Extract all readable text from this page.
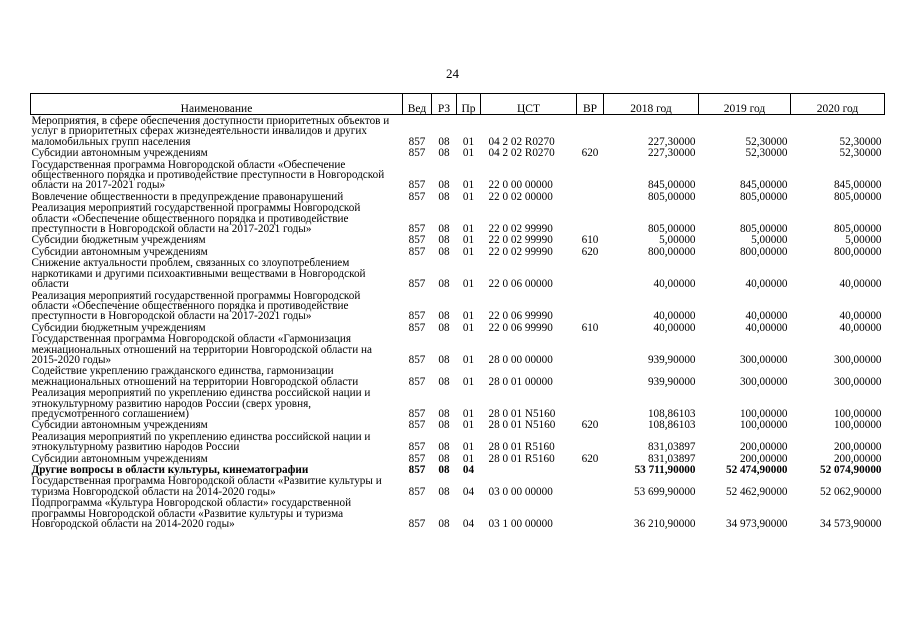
24
Наименование	Вед	РЗ	Пр	ЦСТ	ВР	2018 год	2019 год	2020 год
Мероприятия, в сфере обеспечения доступности приоритетных объектов и услуг в приоритетных сферах жизнедеятельности инвалидов и других маломобильных групп населения	857	08	01	04 2 02 R0270		227,30000	52,30000	52,30000
Субсидии автономным учреждениям	857	08	01	04 2 02 R0270	620	227,30000	52,30000	52,30000
Государственная программа Новгородской области «Обеспечение общественного порядка и противодействие преступности в Новгородской области на 2017-2021 годы»	857	08	01	22 0 00 00000		845,00000	845,00000	845,00000
Вовлечение общественности в предупреждение правонарушений	857	08	01	22 0 02 00000		805,00000	805,00000	805,00000
Реализация мероприятий государственной программы Новгородской области «Обеспечение общественного порядка и противодействие преступности в Новгородской области на 2017-2021 годы»	857	08	01	22 0 02 99990		805,00000	805,00000	805,00000
Субсидии бюджетным учреждениям	857	08	01	22 0 02 99990	610	5,00000	5,00000	5,00000
Субсидии автономным учреждениям	857	08	01	22 0 02 99990	620	800,00000	800,00000	800,00000
Снижение актуальности проблем, связанных со злоупотреблением наркотиками и другими психоактивными веществами в Новгородской области	857	08	01	22 0 06 00000		40,00000	40,00000	40,00000
Реализация мероприятий государственной программы Новгородской области «Обеспечение общественного порядка и противодействие преступности в Новгородской области на 2017-2021 годы»	857	08	01	22 0 06 99990		40,00000	40,00000	40,00000
Субсидии бюджетным учреждениям	857	08	01	22 0 06 99990	610	40,00000	40,00000	40,00000
Государственная программа Новгородской области «Гармонизация межнациональных отношений на территории Новгородской области на 2015-2020 годы»	857	08	01	28 0 00 00000		939,90000	300,00000	300,00000
Содействие укреплению гражданского единства, гармонизации межнациональных отношений на территории Новгородской области	857	08	01	28 0 01 00000		939,90000	300,00000	300,00000
Реализация мероприятий по укреплению единства российской нации и этнокультурному развитию народов России (сверх уровня, предусмотренного соглашением)	857	08	01	28 0 01 N5160		108,86103	100,00000	100,00000
Субсидии автономным учреждениям	857	08	01	28 0 01 N5160	620	108,86103	100,00000	100,00000
Реализация мероприятий по укреплению единства российской нации и этнокультурному развитию народов России	857	08	01	28 0 01 R5160		831,03897	200,00000	200,00000
Субсидии автономным учреждениям	857	08	01	28 0 01 R5160	620	831,03897	200,00000	200,00000
Другие вопросы в области культуры, кинематографии	857	08	04			53 711,90000	52 474,90000	52 074,90000
Государственная программа Новгородской области «Развитие культуры и туризма Новгородской области на 2014-2020 годы»	857	08	04	03 0 00 00000		53 699,90000	52 462,90000	52 062,90000
Подпрограмма «Культура Новгородской области» государственной программы Новгородской области «Развитие культуры и туризма Новгородской области на 2014-2020 годы»	857	08	04	03 1 00 00000		36 210,90000	34 973,90000	34 573,90000
